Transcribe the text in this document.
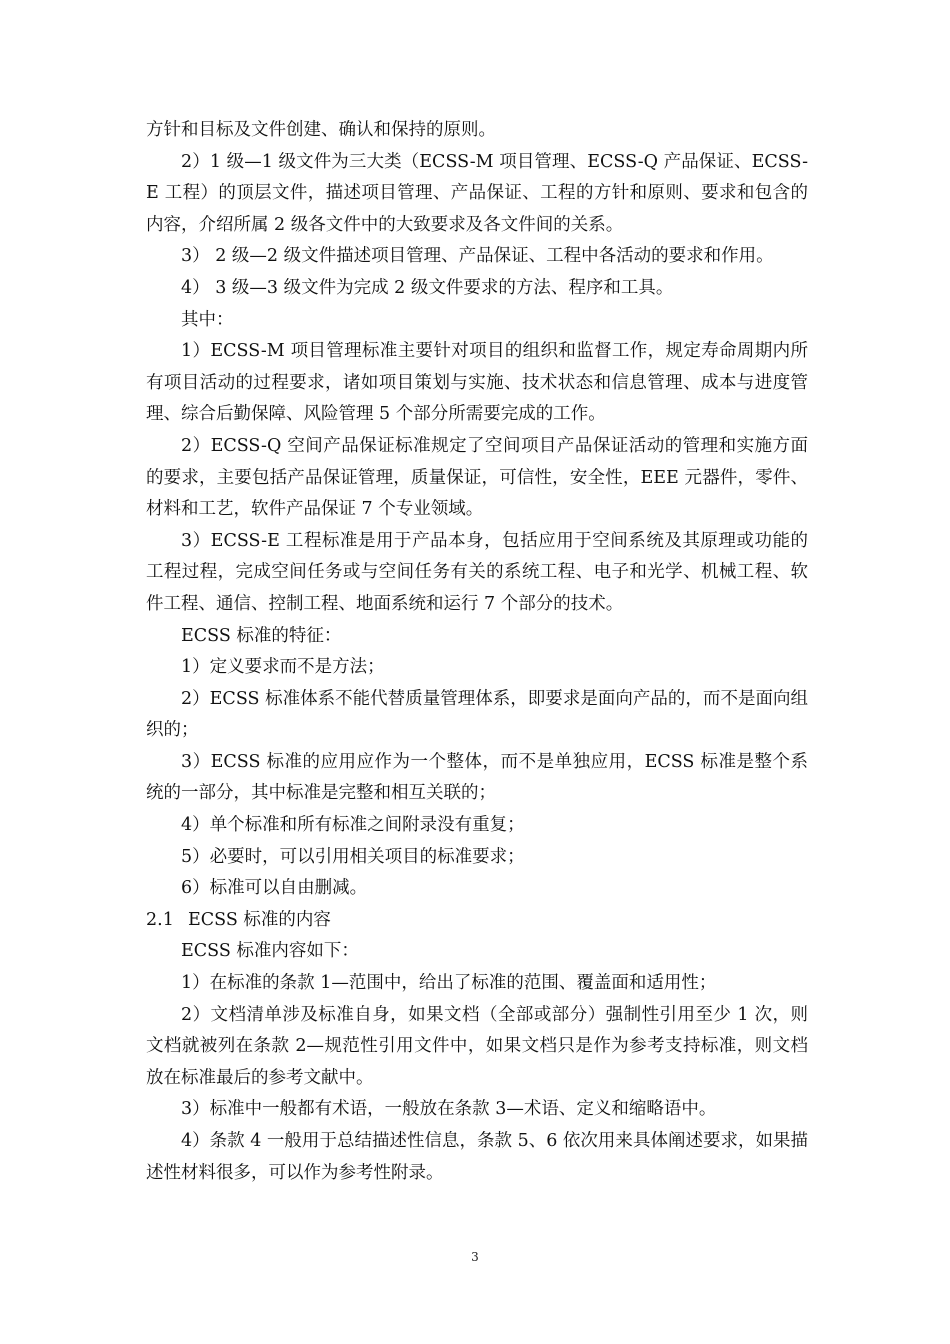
方针和目标及文件创建、确认和保持的原则。

2）1 级—1 级文件为三大类（ECSS-M 项目管理、ECSS-Q 产品保证、ECSS-E 工程）的顶层文件，描述项目管理、产品保证、工程的方针和原则、要求和包含的内容，介绍所属 2 级各文件中的大致要求及各文件间的关系。

3） 2 级—2 级文件描述项目管理、产品保证、工程中各活动的要求和作用。

4） 3 级—3 级文件为完成 2 级文件要求的方法、程序和工具。

其中：

1）ECSS-M 项目管理标准主要针对项目的组织和监督工作，规定寿命周期内所有项目活动的过程要求，诸如项目策划与实施、技术状态和信息管理、成本与进度管理、综合后勤保障、风险管理 5 个部分所需要完成的工作。

2）ECSS-Q 空间产品保证标准规定了空间项目产品保证活动的管理和实施方面的要求，主要包括产品保证管理，质量保证，可信性，安全性，EEE 元器件，零件、材料和工艺，软件产品保证 7 个专业领域。

3）ECSS-E 工程标准是用于产品本身，包括应用于空间系统及其原理或功能的工程过程，完成空间任务或与空间任务有关的系统工程、电子和光学、机械工程、软件工程、通信、控制工程、地面系统和运行 7 个部分的技术。

ECSS 标准的特征：

1）定义要求而不是方法；

2）ECSS 标准体系不能代替质量管理体系，即要求是面向产品的，而不是面向组织的；

3）ECSS 标准的应用应作为一个整体，而不是单独应用，ECSS 标准是整个系统的一部分，其中标准是完整和相互关联的；

4）单个标准和所有标准之间附录没有重复；

5）必要时，可以引用相关项目的标准要求；

6）标准可以自由删减。

2.1 ECSS 标准的内容

ECSS 标准内容如下：

1）在标准的条款 1—范围中，给出了标准的范围、覆盖面和适用性；

2）文档清单涉及标准自身，如果文档（全部或部分）强制性引用至少 1 次，则文档就被列在条款 2—规范性引用文件中，如果文档只是作为参考支持标准，则文档放在标准最后的参考文献中。

3）标准中一般都有术语，一般放在条款 3—术语、定义和缩略语中。

4）条款 4 一般用于总结描述性信息，条款 5、6 依次用来具体阐述要求，如果描述性材料很多，可以作为参考性附录。

3
